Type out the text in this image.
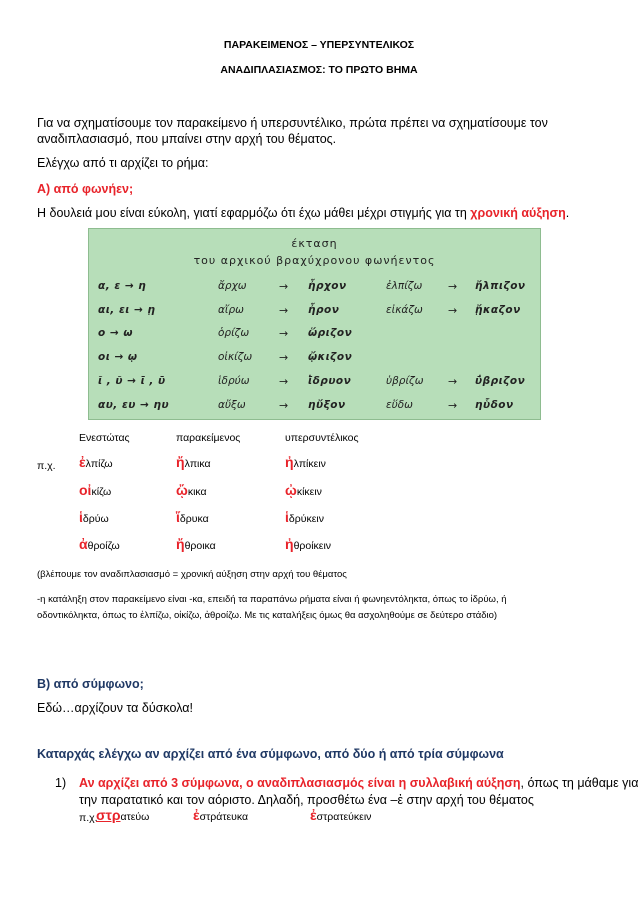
ΠΑΡΑΚΕΙΜΕΝΟΣ – ΥΠΕΡΣΥΝΤΕΛΙΚΟΣ
ΑΝΑΔΙΠΛΑΣΙΑΣΜΟΣ: ΤΟ ΠΡΩΤΟ ΒΗΜΑ
Για να σχηματίσουμε τον παρακείμενο ή υπερσυντέλικο, πρώτα πρέπει να σχηματίσουμε τον
αναδιπλασιασμό, που μπαίνει στην αρχή του θέματος.
Ελέγχω από τι αρχίζει το ρήμα:
Α) από φωνήεν;
Η δουλειά μου είναι εύκολη, γιατί εφαρμόζω ότι έχω μάθει μέχρι στιγμής για τη χρονική αύξηση.
έκταση
του αρχικού βραχύχρονου φωνήεντος
α, ε → η	ἄρχω	→ ἦρχον	ἐλπίζω → ἤλπιζον
αι, ει → ῃ	αἴρω	→ ἦρον	εἰκάζω → ᾔκαζον
ο → ω	ὁρίζω	→ ὥριζον
οι → ῳ	οἰκίζω → ᾤκιζον
ῐ , ῠ → ῑ , ῡ	ἱδρύω	→ ῑ̔δρυον	ὑβρίζω → ῡ̔βριζον
αυ, ευ → ηυ	αὔξω	→ ηὔξον	εὕδω	→ ηὗδον
Ενεστώτας	παρακείμενος	υπερσυντέλικος
π.χ. ἐλπίζω	ἤλπικα	ἠλπίκειν
οἰκίζω	ᾤκικα	ᾠκίκειν
ἱδρύω	ἵδρυκα	ἱδρύκειν
ἀθροίζω	ἤθροικα	ἠθροίκειν
(βλέπουμε τον αναδιπλασιασμό = χρονική αύξηση στην αρχή του θέματος
-η κατάληξη στον παρακείμενο είναι -κα, επειδή τα παραπάνω ρήματα είναι ή φωνηεντόληκτα, όπως το ἱδρύω, ή
οδοντικόληκτα, όπως το ἐλπίζω, οἰκίζω, ἀθροίζω. Με τις καταλήξεις όμως θα ασχοληθούμε σε δεύτερο στάδιο)
Β) από σύμφωνο;
Εδώ…αρχίζουν τα δύσκολα!
Καταρχάς ελέγχω αν αρχίζει από ένα σύμφωνο, από δύο ή από τρία σύμφωνα
1) Αν αρχίζει από 3 σύμφωνα, ο αναδιπλασιασμός είναι η συλλαβική αύξηση, όπως τη μάθαμε για
την παρατατικό και τον αόριστο. Δηλαδή, προσθέτω ένα –ἐ στην αρχή του θέματος
π.χ.
στρατεύω	ἐστράτευκα	ἐστρατεύκειν
